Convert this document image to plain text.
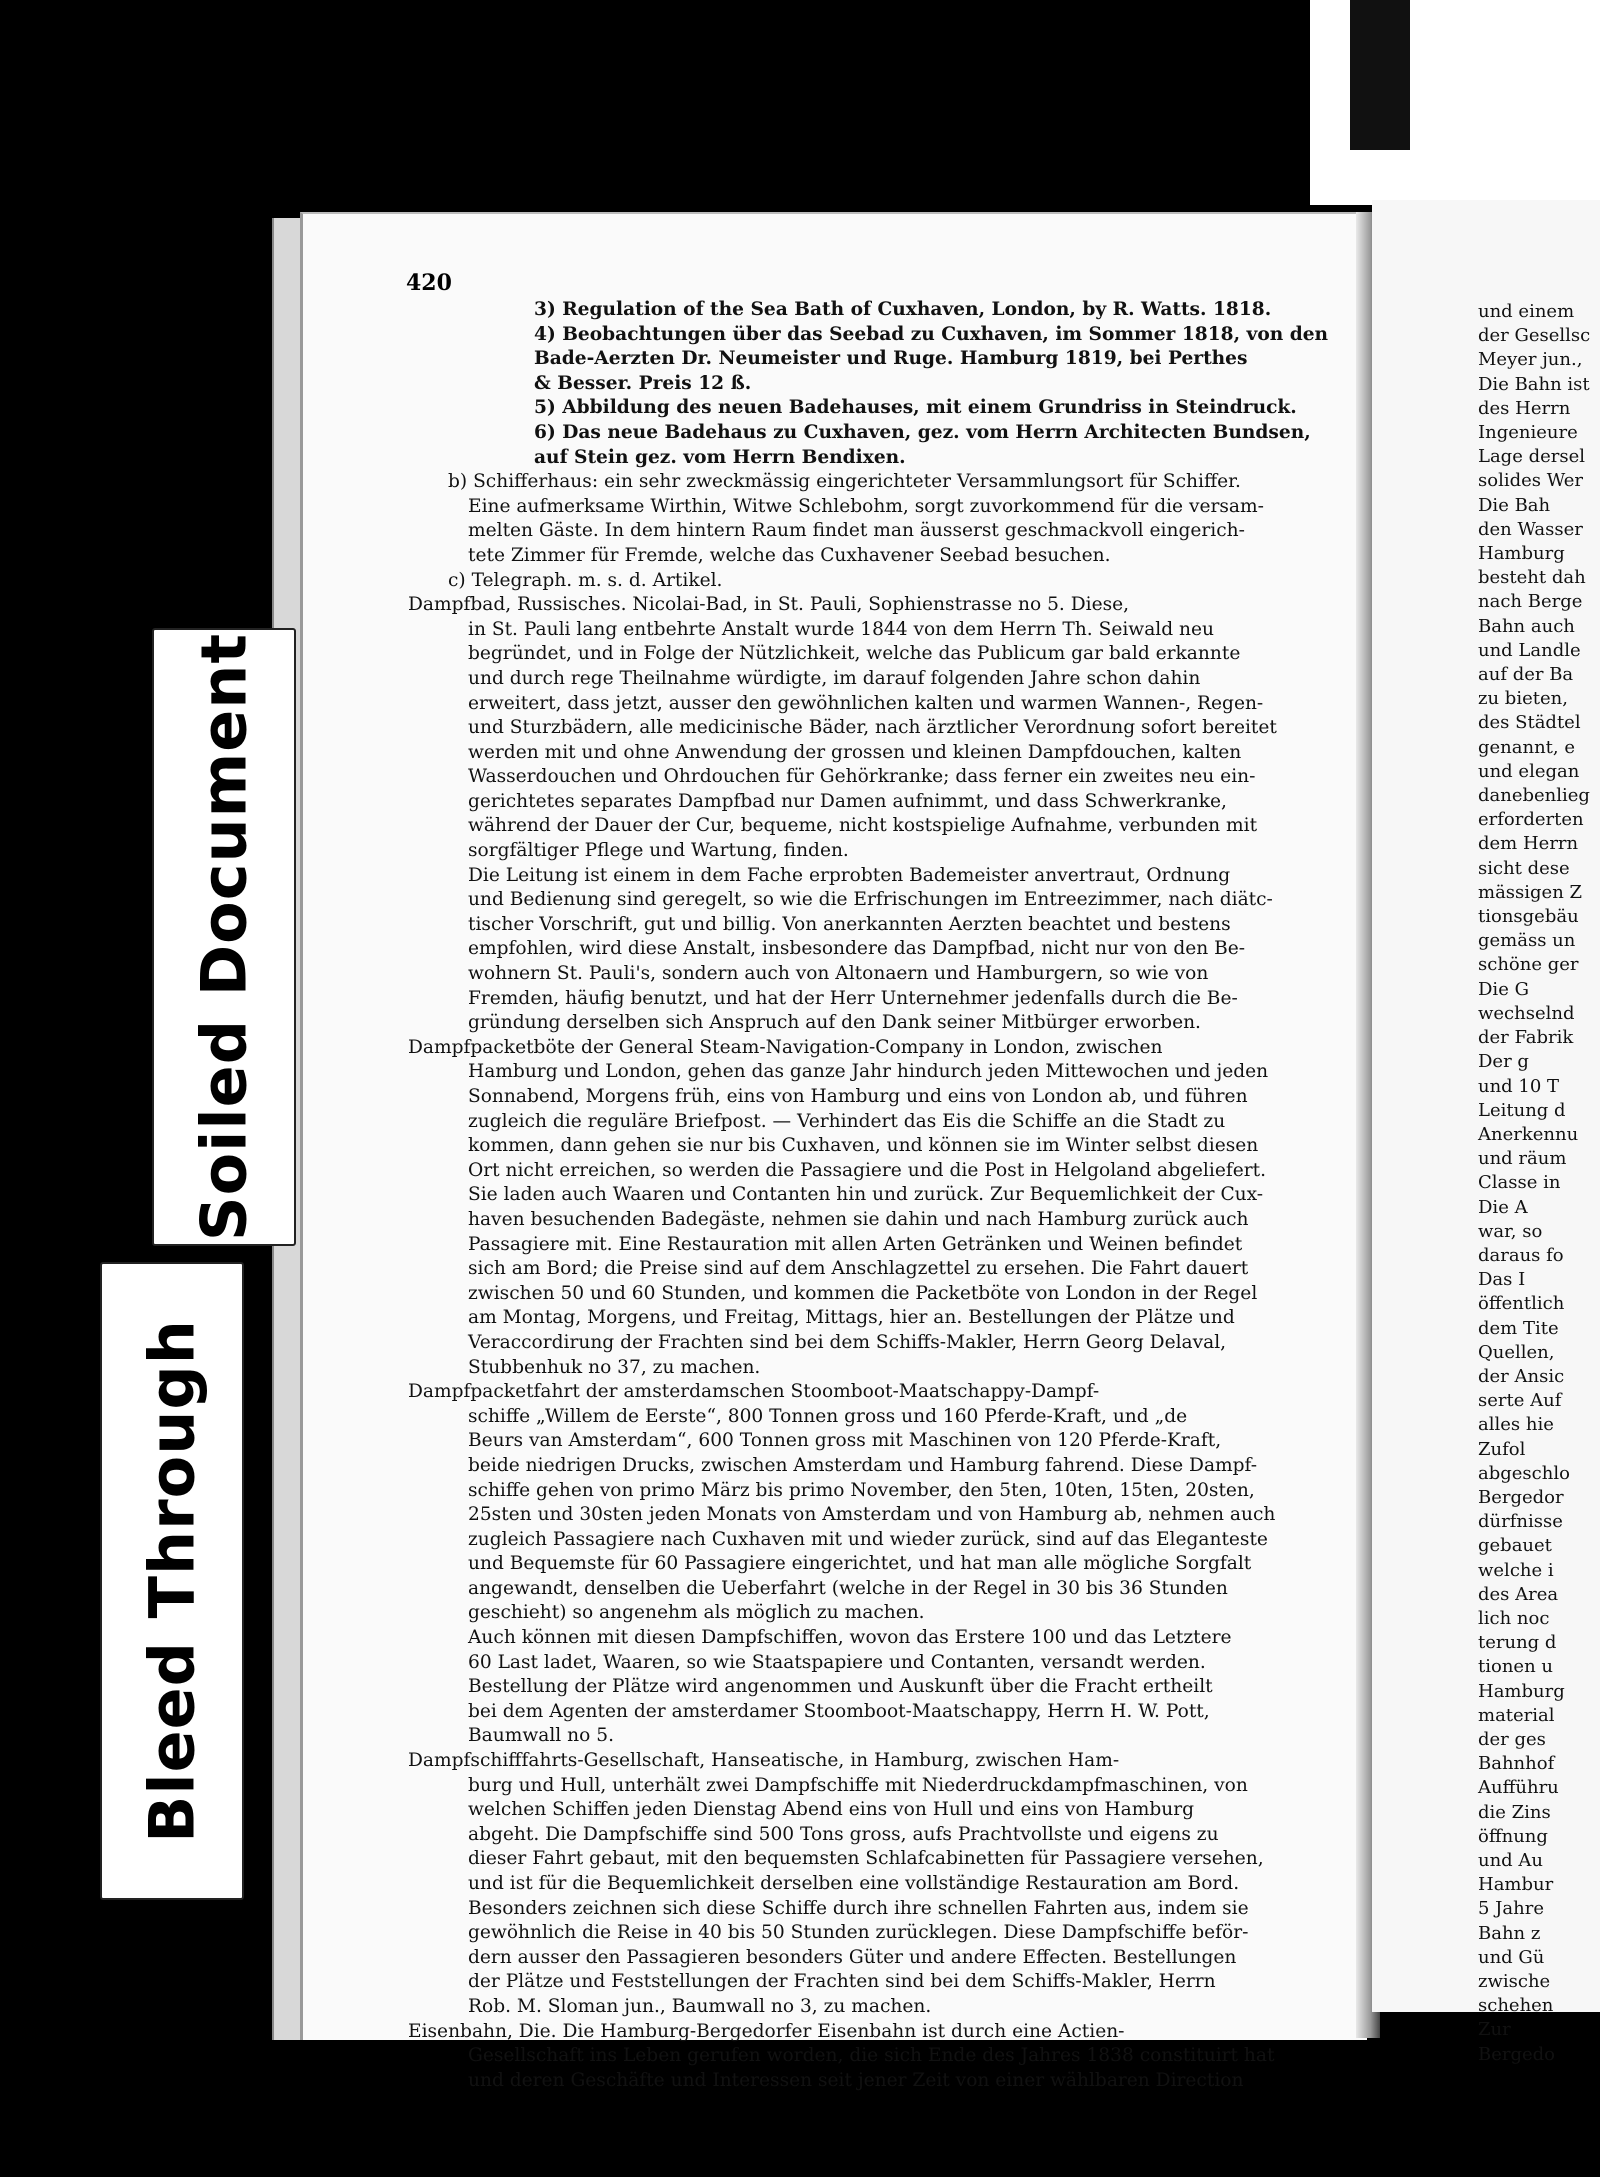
Soiled Document
Bleed Through
420
3) Regulation of the Sea Bath of Cuxhaven, London, by R. Watts. 1818.
4) Beobachtungen über das Seebad zu Cuxhaven, im Sommer 1818, von den
Bade-Aerzten Dr. Neumeister und Ruge. Hamburg 1819, bei Perthes
& Besser. Preis 12 ß.
5) Abbildung des neuen Badehauses, mit einem Grundriss in Steindruck.
6) Das neue Badehaus zu Cuxhaven, gez. vom Herrn Architecten Bundsen,
auf Stein gez. vom Herrn Bendixen.
b) Schifferhaus: ein sehr zweckmässig eingerichteter Versammlungsort für Schiffer.
Eine aufmerksame Wirthin, Witwe Schlebohm, sorgt zuvorkommend für die versam-
melten Gäste. In dem hintern Raum findet man äusserst geschmackvoll eingerich-
tete Zimmer für Fremde, welche das Cuxhavener Seebad besuchen.
c) Telegraph. m. s. d. Artikel.
Dampfbad, Russisches. Nicolai-Bad, in St. Pauli, Sophienstrasse no 5. Diese,
in St. Pauli lang entbehrte Anstalt wurde 1844 von dem Herrn Th. Seiwald neu
begründet, und in Folge der Nützlichkeit, welche das Publicum gar bald erkannte
und durch rege Theilnahme würdigte, im darauf folgenden Jahre schon dahin
erweitert, dass jetzt, ausser den gewöhnlichen kalten und warmen Wannen-, Regen-
und Sturzbädern, alle medicinische Bäder, nach ärztlicher Verordnung sofort bereitet
werden mit und ohne Anwendung der grossen und kleinen Dampfdouchen, kalten
Wasserdouchen und Ohrdouchen für Gehörkranke; dass ferner ein zweites neu ein-
gerichtetes separates Dampfbad nur Damen aufnimmt, und dass Schwerkranke,
während der Dauer der Cur, bequeme, nicht kostspielige Aufnahme, verbunden mit
sorgfältiger Pflege und Wartung, finden.
Die Leitung ist einem in dem Fache erprobten Bademeister anvertraut, Ordnung
und Bedienung sind geregelt, so wie die Erfrischungen im Entreezimmer, nach diätc-
tischer Vorschrift, gut und billig. Von anerkannten Aerzten beachtet und bestens
empfohlen, wird diese Anstalt, insbesondere das Dampfbad, nicht nur von den Be-
wohnern St. Pauli's, sondern auch von Altonaern und Hamburgern, so wie von
Fremden, häufig benutzt, und hat der Herr Unternehmer jedenfalls durch die Be-
gründung derselben sich Anspruch auf den Dank seiner Mitbürger erworben.
Dampfpacketböte der General Steam-Navigation-Company in London, zwischen
Hamburg und London, gehen das ganze Jahr hindurch jeden Mittewochen und jeden
Sonnabend, Morgens früh, eins von Hamburg und eins von London ab, und führen
zugleich die reguläre Briefpost. — Verhindert das Eis die Schiffe an die Stadt zu
kommen, dann gehen sie nur bis Cuxhaven, und können sie im Winter selbst diesen
Ort nicht erreichen, so werden die Passagiere und die Post in Helgoland abgeliefert.
Sie laden auch Waaren und Contanten hin und zurück. Zur Bequemlichkeit der Cux-
haven besuchenden Badegäste, nehmen sie dahin und nach Hamburg zurück auch
Passagiere mit. Eine Restauration mit allen Arten Getränken und Weinen befindet
sich am Bord; die Preise sind auf dem Anschlagzettel zu ersehen. Die Fahrt dauert
zwischen 50 und 60 Stunden, und kommen die Packetböte von London in der Regel
am Montag, Morgens, und Freitag, Mittags, hier an. Bestellungen der Plätze und
Veraccordirung der Frachten sind bei dem Schiffs-Makler, Herrn Georg Delaval,
Stubbenhuk no 37, zu machen.
Dampfpacketfahrt der amsterdamschen Stoomboot-Maatschappy-Dampf-
schiffe „Willem de Eerste“, 800 Tonnen gross und 160 Pferde-Kraft, und „de
Beurs van Amsterdam“, 600 Tonnen gross mit Maschinen von 120 Pferde-Kraft,
beide niedrigen Drucks, zwischen Amsterdam und Hamburg fahrend. Diese Dampf-
schiffe gehen von primo März bis primo November, den 5ten, 10ten, 15ten, 20sten,
25sten und 30sten jeden Monats von Amsterdam und von Hamburg ab, nehmen auch
zugleich Passagiere nach Cuxhaven mit und wieder zurück, sind auf das Eleganteste
und Bequemste für 60 Passagiere eingerichtet, und hat man alle mögliche Sorgfalt
angewandt, denselben die Ueberfahrt (welche in der Regel in 30 bis 36 Stunden
geschieht) so angenehm als möglich zu machen.
Auch können mit diesen Dampfschiffen, wovon das Erstere 100 und das Letztere
60 Last ladet, Waaren, so wie Staatspapiere und Contanten, versandt werden.
Bestellung der Plätze wird angenommen und Auskunft über die Fracht ertheilt
bei dem Agenten der amsterdamer Stoomboot-Maatschappy, Herrn H. W. Pott,
Baumwall no 5.
Dampfschifffahrts-Gesellschaft, Hanseatische, in Hamburg, zwischen Ham-
burg und Hull, unterhält zwei Dampfschiffe mit Niederdruckdampfmaschinen, von
welchen Schiffen jeden Dienstag Abend eins von Hull und eins von Hamburg
abgeht. Die Dampfschiffe sind 500 Tons gross, aufs Prachtvollste und eigens zu
dieser Fahrt gebaut, mit den bequemsten Schlafcabinetten für Passagiere versehen,
und ist für die Bequemlichkeit derselben eine vollständige Restauration am Bord.
Besonders zeichnen sich diese Schiffe durch ihre schnellen Fahrten aus, indem sie
gewöhnlich die Reise in 40 bis 50 Stunden zurücklegen. Diese Dampfschiffe beför-
dern ausser den Passagieren besonders Güter und andere Effecten. Bestellungen
der Plätze und Feststellungen der Frachten sind bei dem Schiffs-Makler, Herrn
Rob. M. Sloman jun., Baumwall no 3, zu machen.
Eisenbahn, Die. Die Hamburg-Bergedorfer Eisenbahn ist durch eine Actien-
Gesellschaft ins Leben gerufen worden, die sich Ende des Jahres 1838 constituirt hat
und deren Geschäfte und Interessen seit jener Zeit von einer wählbaren Direction
und einem
der Gesellsc
Meyer jun.,
Die Bahn ist
des Herrn
Ingenieure
Lage dersel
solides Wer
Die Bah
den Wasser
Hamburg
besteht dah
nach Berge
Bahn auch
und Landle
auf der Ba
zu bieten,
des Städtel
genannt, e
und elegan
danebenlieg
erforderten
dem Herrn
sicht dese
mässigen Z
tionsgebäu
gemäss un
schöne ger
Die G
wechselnd
der Fabrik
Der g
und 10 T
Leitung d
Anerkennu
und räum
Classe in
Die A
war, so
daraus fo
Das I
öffentlich
dem Tite
Quellen,
der Ansic
serte Auf
alles hie
Zufol
abgeschlo
Bergedor
dürfnisse
gebauet
welche i
des Area
lich noc
terung d
tionen u
Hamburg
material
der ges
Bahnhof
Aufführu
die Zins
öffnung
und Au
Hambur
5 Jahre
Bahn z
und Gü
zwische
schehen
Zur
Bergedo
